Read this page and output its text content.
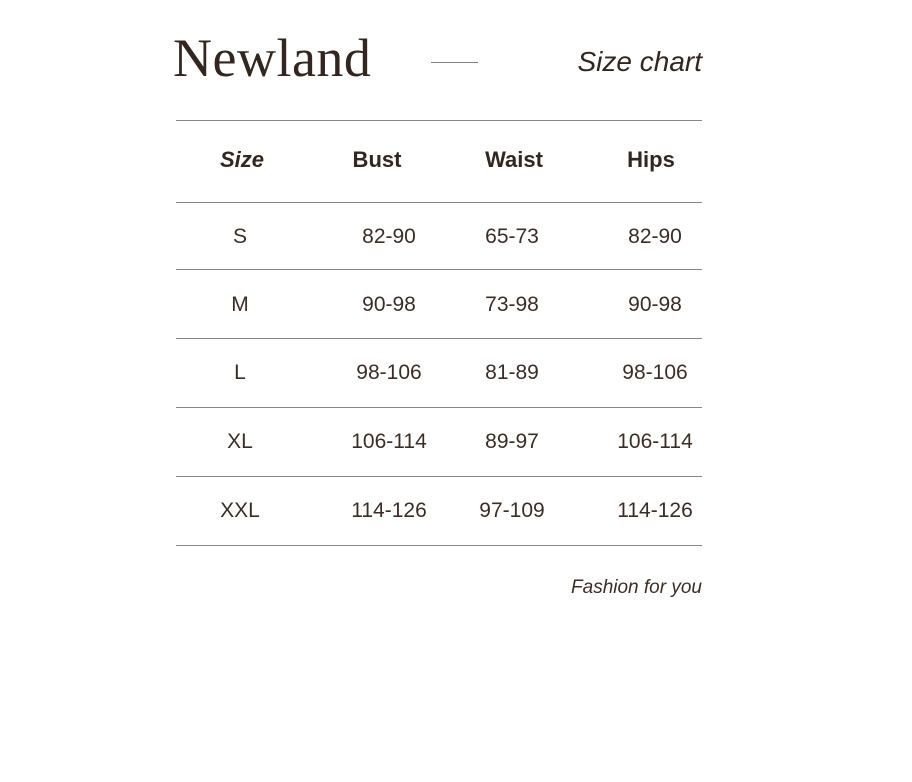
Newland	Size chart
Size	Bust	Waist	Hips
S	82-90	65-73	82-90
M	90-98	73-98	90-98
L	98-106	81-89	98-106
XL	106-114	89-97	106-114
XXL	114-126	97-109	114-126
Fashion for you
